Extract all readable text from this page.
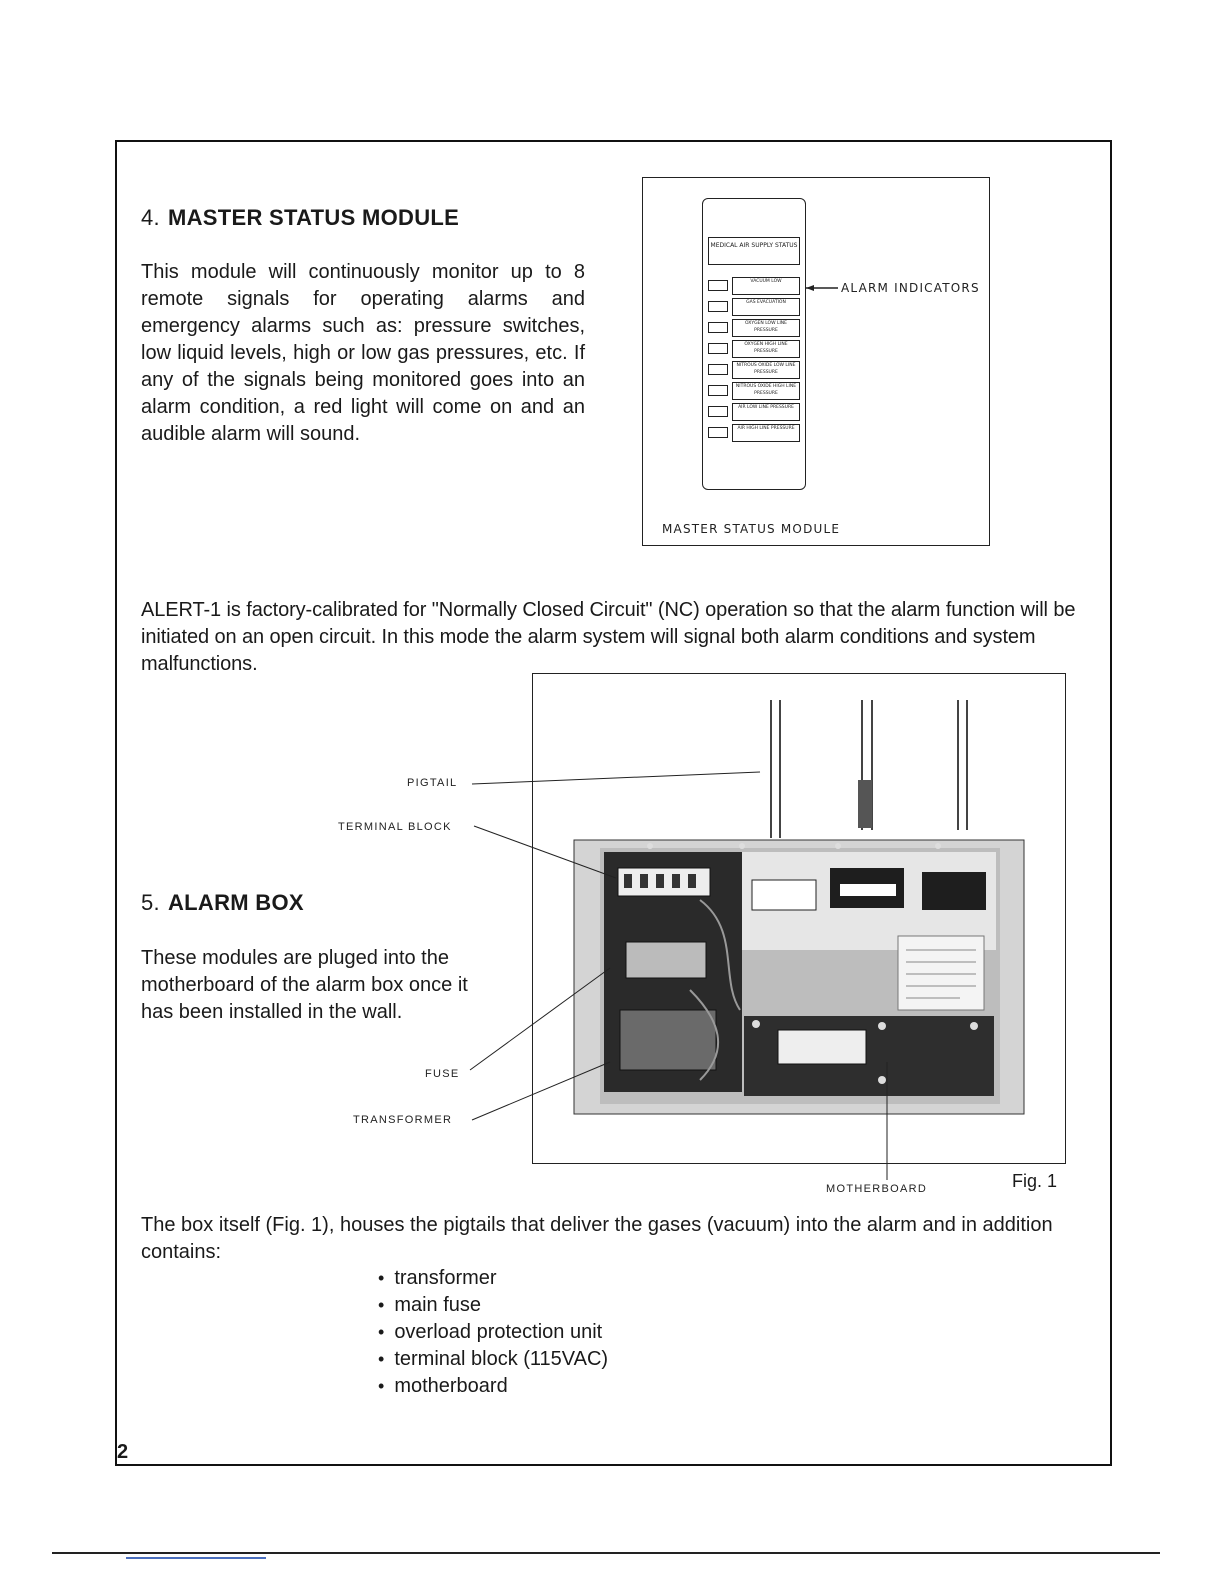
4. MASTER STATUS MODULE

This module will continuously monitor up to 8 remote signals for operating alarms and emergency alarms such as: pressure switches, low liquid levels, high or low gas pressures, etc. If any of the signals being monitored goes into an alarm condition, a red light will come on and an audible alarm will sound.

MEDICAL AIR SUPPLY STATUS
VACUUM LOW
GAS EVACUATION
OXYGEN LOW LINE PRESSURE
OXYGEN HIGH LINE PRESSURE
NITROUS OXIDE LOW LINE PRESSURE
NITROUS OXIDE HIGH LINE PRESSURE
AIR LOW LINE PRESSURE
AIR HIGH LINE PRESSURE
ALARM INDICATORS
MASTER STATUS MODULE

ALERT-1 is factory-calibrated for "Normally Closed Circuit" (NC) operation so that the alarm function will be initiated on an open circuit. In this mode the alarm system will signal both alarm conditions and system malfunctions.

PIGTAIL
TERMINAL BLOCK
FUSE
TRANSFORMER
MOTHERBOARD	Fig. 1
5. ALARM BOX

These modules are pluged into the motherboard of the alarm box once it has been installed in the wall.

The box itself (Fig. 1), houses the pigtails that deliver the gases (vacuum) into the alarm and in addition contains:

• transformer
• main fuse
• overload protection unit
• terminal block (115VAC)
• motherboard
2
